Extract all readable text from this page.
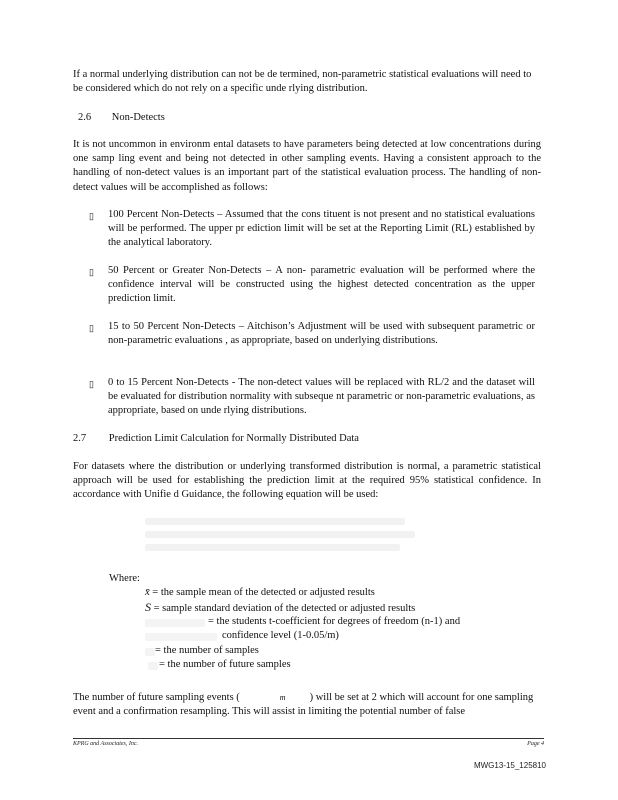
If a normal underlying distribution can not be de termined, non-parametric statistical evaluations will need to be considered which do not rely on a specific unde rlying distribution.
2.6 Non-Detects
It is not uncommon in environm ental datasets to have parameters being detected at low concentrations during one samp ling event and being not detected in other sampling events. Having a consistent approach to the handling of non-detect values is an important part of the statistical evaluation process. The handling of non- detect values will be accomplished as follows:
▯ 100 Percent Non-Detects – Assumed that the cons tituent is not present and no statistical evaluations will be performed. The upper pr ediction limit will be set at the Reporting Limit (RL) established by the analytical laboratory.
▯ 50 Percent or Greater Non-Detects – A non- parametric evaluation will be performed where the confidence interval will be constructed using the highest detected concentration as the upper prediction limit.
▯ 15 to 50 Percent Non-Detects – Aitchison’s Adjustment will be used with subsequent parametric or non-parametric evaluations , as appropriate, based on underlying distributions.
▯ 0 to 15 Percent Non-Detects - The non-detect values will be replaced with RL/2 and the dataset will be evaluated for distribution normality with subseque nt parametric or non-parametric evaluations, as appropriate, based on unde rlying distributions.
2.7 Prediction Limit Calculation for Normally Distributed Data
For datasets where the distribution or underlying transformed distribution is normal, a parametric statistical approach will be used for establishing the prediction limit at the required 95% statistical confidence. In accordance with Unifie d Guidance, the following equation will be used:
Where:
x̄ = the sample mean of the detected or adjusted results
S = sample standard deviation of the detected or adjusted results
= the students t-coefficient for degrees of freedom (n-1) and
confidence level (1-0.05/m)
= the number of samples
= the number of future samples
The number of future sampling events (	m ) will be set at 2 which will account for one sampling event and a confirmation resampling. This will assist in limiting the potential number of false
KPRG and Associates, Inc.	Page 4
MWG13-15_125810
